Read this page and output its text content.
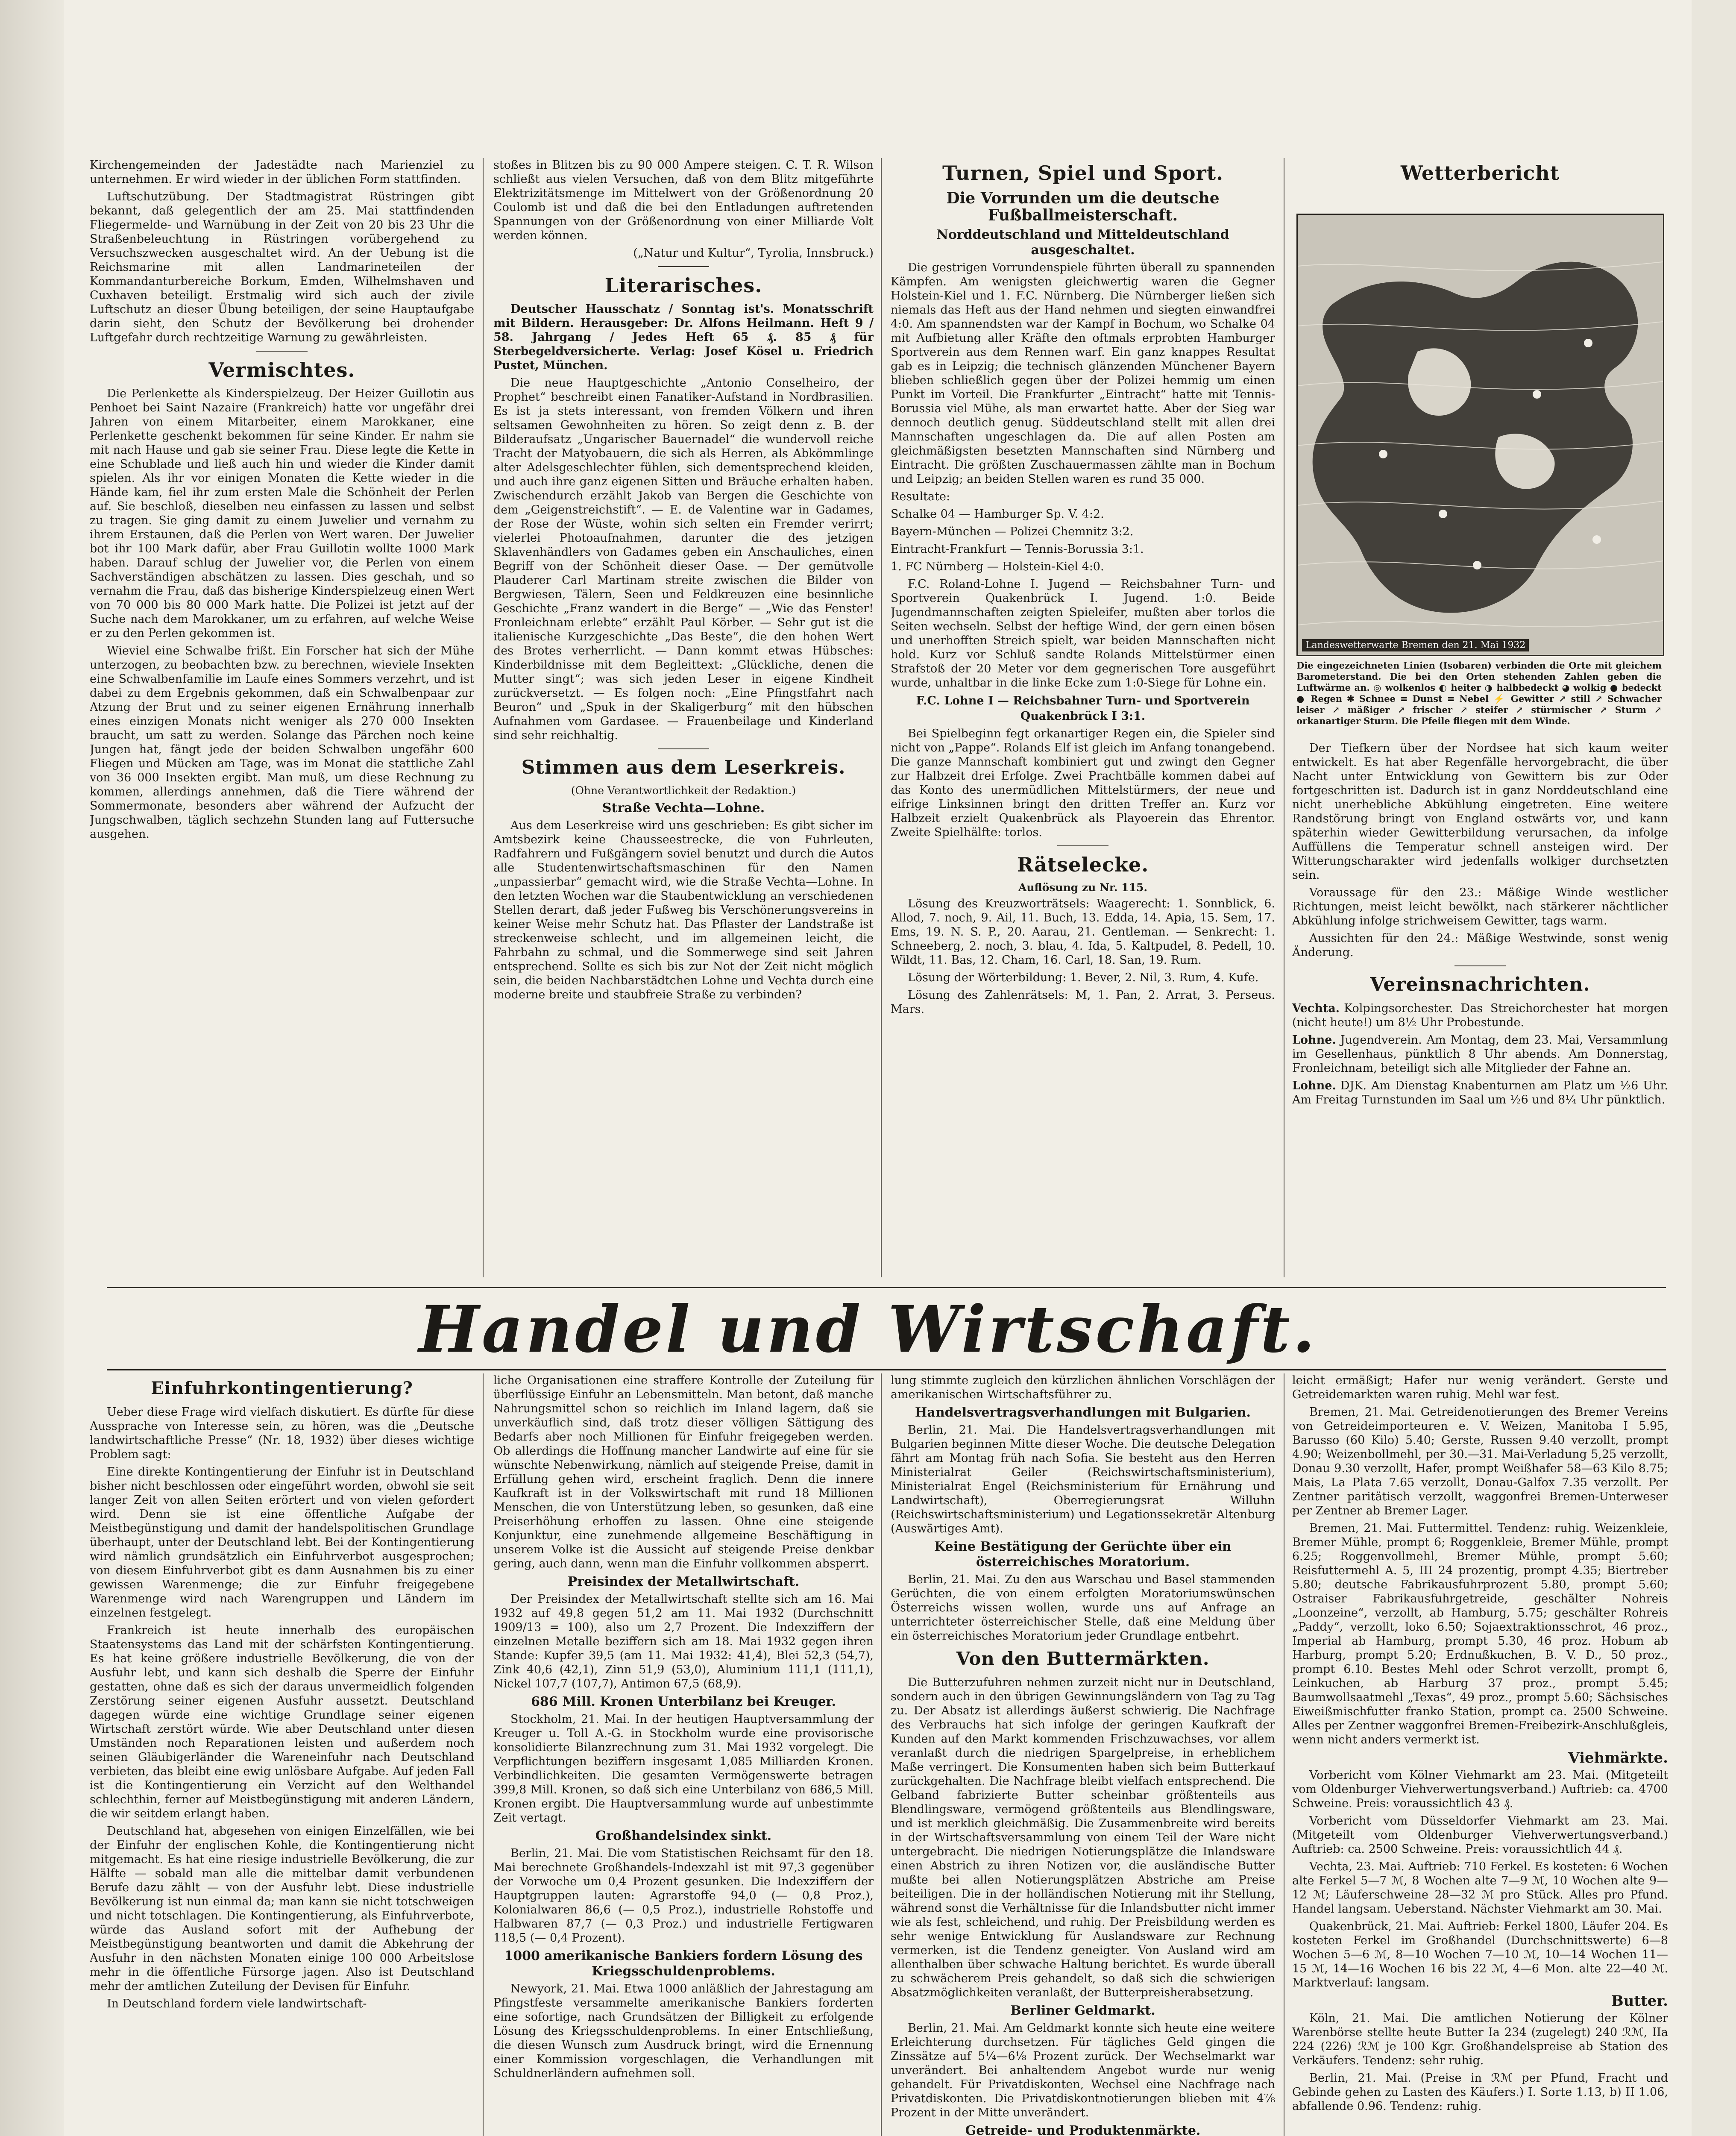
Kirchengemeinden der Jadestädte nach Marienziel zu unternehmen. Er wird wieder in der üblichen Form stattfinden.

Luftschutzübung. Der Stadtmagistrat Rüstringen gibt bekannt, daß gelegentlich der am 25. Mai stattfindenden Fliegermelde- und Warnübung in der Zeit von 20 bis 23 Uhr die Straßenbeleuchtung in Rüstringen vorübergehend zu Versuchszwecken ausgeschaltet wird. An der Uebung ist die Reichsmarine mit allen Landmarineteilen der Kommandanturbereiche Borkum, Emden, Wilhelmshaven und Cuxhaven beteiligt. Erstmalig wird sich auch der zivile Luftschutz an dieser Übung beteiligen, der seine Hauptaufgabe darin sieht, den Schutz der Bevölkerung bei drohender Luftgefahr durch rechtzeitige Warnung zu gewährleisten.

Vermischtes.

Die Perlenkette als Kinderspielzeug. Der Heizer Guillotin aus Penhoet bei Saint Nazaire (Frankreich) hatte vor ungefähr drei Jahren von einem Mitarbeiter, einem Marokkaner, eine Perlenkette geschenkt bekommen für seine Kinder. Er nahm sie mit nach Hause und gab sie seiner Frau. Diese legte die Kette in eine Schublade und ließ auch hin und wieder die Kinder damit spielen. Als ihr vor einigen Monaten die Kette wieder in die Hände kam, fiel ihr zum ersten Male die Schönheit der Perlen auf. Sie beschloß, dieselben neu einfassen zu lassen und selbst zu tragen. Sie ging damit zu einem Juwelier und vernahm zu ihrem Erstaunen, daß die Perlen von Wert waren. Der Juwelier bot ihr 100 Mark dafür, aber Frau Guillotin wollte 1000 Mark haben. Darauf schlug der Juwelier vor, die Perlen von einem Sachverständigen abschätzen zu lassen. Dies geschah, und so vernahm die Frau, daß das bisherige Kinderspielzeug einen Wert von 70 000 bis 80 000 Mark hatte. Die Polizei ist jetzt auf der Suche nach dem Marokkaner, um zu erfahren, auf welche Weise er zu den Perlen gekommen ist.

Wieviel eine Schwalbe frißt. Ein Forscher hat sich der Mühe unterzogen, zu beobachten bzw. zu berechnen, wieviele Insekten eine Schwalbenfamilie im Laufe eines Sommers verzehrt, und ist dabei zu dem Ergebnis gekommen, daß ein Schwalbenpaar zur Atzung der Brut und zu seiner eigenen Ernährung innerhalb eines einzigen Monats nicht weniger als 270 000 Insekten braucht, um satt zu werden. Solange das Pärchen noch keine Jungen hat, fängt jede der beiden Schwalben ungefähr 600 Fliegen und Mücken am Tage, was im Monat die stattliche Zahl von 36 000 Insekten ergibt. Man muß, um diese Rechnung zu kommen, allerdings annehmen, daß die Tiere während der Sommermonate, besonders aber während der Aufzucht der Jungschwalben, täglich sechzehn Stunden lang auf Futtersuche ausgehen.

stoßes in Blitzen bis zu 90 000 Ampere steigen. C. T. R. Wilson schließt aus vielen Versuchen, daß von dem Blitz mitgeführte Elektrizitätsmenge im Mittelwert von der Größenordnung 20 Coulomb ist und daß die bei den Entladungen auftretenden Spannungen von der Größenordnung von einer Milliarde Volt werden können.

(„Natur und Kultur“, Tyrolia, Innsbruck.)

Literarisches.

Deutscher Hausschatz / Sonntag ist's. Monatsschrift mit Bildern. Herausgeber: Dr. Alfons Heilmann. Heft 9 / 58. Jahrgang / Jedes Heft 65 ₰. 85 ₰ für Sterbegeldversicherte. Verlag: Josef Kösel u. Friedrich Pustet, München.

Die neue Hauptgeschichte „Antonio Conselheiro, der Prophet“ beschreibt einen Fanatiker-Aufstand in Nordbrasilien. Es ist ja stets interessant, von fremden Völkern und ihren seltsamen Gewohnheiten zu hören. So zeigt denn z. B. der Bilderaufsatz „Ungarischer Bauernadel“ die wundervoll reiche Tracht der Matyobauern, die sich als Herren, als Abkömmlinge alter Adelsgeschlechter fühlen, sich dementsprechend kleiden, und auch ihre ganz eigenen Sitten und Bräuche erhalten haben. Zwischendurch erzählt Jakob van Bergen die Geschichte von dem „Geigenstreichstift“. — E. de Valentine war in Gadames, der Rose der Wüste, wohin sich selten ein Fremder verirrt; vielerlei Photoaufnahmen, darunter die des jetzigen Sklavenhändlers von Gadames geben ein Anschauliches, einen Begriff von der Schönheit dieser Oase. — Der gemütvolle Plauderer Carl Martinam streite zwischen die Bilder von Bergwiesen, Tälern, Seen und Feldkreuzen eine besinnliche Geschichte „Franz wandert in die Berge“ — „Wie das Fenster! Fronleichnam erlebte“ erzählt Paul Körber. — Sehr gut ist die italienische Kurzgeschichte „Das Beste“, die den hohen Wert des Brotes verherrlicht. — Dann kommt etwas Hübsches: Kinderbildnisse mit dem Begleittext: „Glückliche, denen die Mutter singt“; was sich jeden Leser in eigene Kindheit zurückversetzt. — Es folgen noch: „Eine Pfingstfahrt nach Beuron“ und „Spuk in der Skaligerburg“ mit den hübschen Aufnahmen vom Gardasee. — Frauenbeilage und Kinderland sind sehr reichhaltig.

Stimmen aus dem Leserkreis.
(Ohne Verantwortlichkeit der Redaktion.)
Straße Vechta—Lohne.

Aus dem Leserkreise wird uns geschrieben: Es gibt sicher im Amtsbezirk keine Chausseestrecke, die von Fuhrleuten, Radfahrern und Fußgängern soviel benutzt und durch die Autos alle Studentenwirtschaftsmaschinen für den Namen „unpassierbar“ gemacht wird, wie die Straße Vechta—Lohne. In den letzten Wochen war die Staubentwicklung an verschiedenen Stellen derart, daß jeder Fußweg bis Verschönerungsvereins in keiner Weise mehr Schutz hat. Das Pflaster der Landstraße ist streckenweise schlecht, und im allgemeinen leicht, die Fahrbahn zu schmal, und die Sommerwege sind seit Jahren entsprechend. Sollte es sich bis zur Not der Zeit nicht möglich sein, die beiden Nachbarstädtchen Lohne und Vechta durch eine moderne breite und staubfreie Straße zu verbinden?

Turnen, Spiel und Sport.
Die Vorrunden um die deutsche Fußballmeisterschaft.
Norddeutschland und Mitteldeutschland ausgeschaltet.

Die gestrigen Vorrundenspiele führten überall zu spannenden Kämpfen. Am wenigsten gleichwertig waren die Gegner Holstein-Kiel und 1. F.C. Nürnberg. Die Nürnberger ließen sich niemals das Heft aus der Hand nehmen und siegten einwandfrei 4:0. Am spannendsten war der Kampf in Bochum, wo Schalke 04 mit Aufbietung aller Kräfte den oftmals erprobten Hamburger Sportverein aus dem Rennen warf. Ein ganz knappes Resultat gab es in Leipzig; die technisch glänzenden Münchener Bayern blieben schließlich gegen über der Polizei hemmig um einen Punkt im Vorteil. Die Frankfurter „Eintracht“ hatte mit Tennis-Borussia viel Mühe, als man erwartet hatte. Aber der Sieg war dennoch deutlich genug. Süddeutschland stellt mit allen drei Mannschaften ungeschlagen da. Die auf allen Posten am gleichmäßigsten besetzten Mannschaften sind Nürnberg und Eintracht. Die größten Zuschauermassen zählte man in Bochum und Leipzig; an beiden Stellen waren es rund 35 000.

Resultate:

Schalke 04 — Hamburger Sp. V. 4:2.

Bayern-München — Polizei Chemnitz 3:2.

Eintracht-Frankfurt — Tennis-Borussia 3:1.

1. FC Nürnberg — Holstein-Kiel 4:0.

F.C. Roland-Lohne I. Jugend — Reichsbahner Turn- und Sportverein Quakenbrück I. Jugend. 1:0. Beide Jugendmannschaften zeigten Spieleifer, mußten aber torlos die Seiten wechseln. Selbst der heftige Wind, der gern einen bösen und unerhofften Streich spielt, war beiden Mannschaften nicht hold. Kurz vor Schluß sandte Rolands Mittelstürmer einen Strafstoß der 20 Meter vor dem gegnerischen Tore ausgeführt wurde, unhaltbar in die linke Ecke zum 1:0-Siege für Lohne ein.

F.C. Lohne I — Reichsbahner Turn- und Sportverein Quakenbrück I 3:1.

Bei Spielbeginn fegt orkanartiger Regen ein, die Spieler sind nicht von „Pappe“. Rolands Elf ist gleich im Anfang tonangebend. Die ganze Mannschaft kombiniert gut und zwingt den Gegner zur Halbzeit drei Erfolge. Zwei Prachtbälle kommen dabei auf das Konto des unermüdlichen Mittelstürmers, der neue und eifrige Linksinnen bringt den dritten Treffer an. Kurz vor Halbzeit erzielt Quakenbrück als Playoerein das Ehrentor. Zweite Spielhälfte: torlos.

Rätselecke.
Auflösung zu Nr. 115.

Lösung des Kreuzworträtsels: Waagerecht: 1. Sonnblick, 6. Allod, 7. noch, 9. Ail, 11. Buch, 13. Edda, 14. Apia, 15. Sem, 17. Ems, 19. N. S. P., 20. Aarau, 21. Gentleman. — Senkrecht: 1. Schneeberg, 2. noch, 3. blau, 4. Ida, 5. Kaltpudel, 8. Pedell, 10. Wildt, 11. Bas, 12. Cham, 16. Carl, 18. San, 19. Rum.

Lösung der Wörterbildung: 1. Bever, 2. Nil, 3. Rum, 4. Kufe.

Lösung des Zahlenrätsels: M, 1. Pan, 2. Arrat, 3. Perseus. Mars.

Wetterbericht
Landeswetterwarte Bremen den 21. Mai 1932
Die eingezeichneten Linien (Isobaren) verbinden die Orte mit gleichem Barometerstand. Die bei den Orten stehenden Zahlen geben die Luftwärme an. ◎ wolkenlos ◐ heiter ◑ halbbedeckt ◕ wolkig ● bedeckt ● Regen ✱ Schnee ≡ Dunst ≡ Nebel ⚡ Gewitter ↗ still ↗ Schwacher leiser ↗ mäßiger ↗ frischer ↗ steifer ↗ stürmischer ↗ Sturm ↗ orkanartiger Sturm. Die Pfeile fliegen mit dem Winde.

Der Tiefkern über der Nordsee hat sich kaum weiter entwickelt. Es hat aber Regenfälle hervorgebracht, die über Nacht unter Entwicklung von Gewittern bis zur Oder fortgeschritten ist. Dadurch ist in ganz Norddeutschland eine nicht unerhebliche Abkühlung eingetreten. Eine weitere Randstörung bringt von England ostwärts vor, und kann späterhin wieder Gewitterbildung verursachen, da infolge Auffüllens die Temperatur schnell ansteigen wird. Der Witterungscharakter wird jedenfalls wolkiger durchsetzten sein.

Voraussage für den 23.: Mäßige Winde westlicher Richtungen, meist leicht bewölkt, nach stärkerer nächtlicher Abkühlung infolge strichweisem Gewitter, tags warm.

Aussichten für den 24.: Mäßige Westwinde, sonst wenig Änderung.

Vereinsnachrichten.

Vechta. Kolpingsorchester. Das Streichorchester hat morgen (nicht heute!) um 8½ Uhr Probestunde.

Lohne. Jugendverein. Am Montag, dem 23. Mai, Versammlung im Gesellenhaus, pünktlich 8 Uhr abends. Am Donnerstag, Fronleichnam, beteiligt sich alle Mitglieder der Fahne an.

Lohne. DJK. Am Dienstag Knabenturnen am Platz um ½6 Uhr. Am Freitag Turnstunden im Saal um ½6 und 8¼ Uhr pünktlich.

Handel und Wirtschaft.
Einfuhrkontingentierung?

Ueber diese Frage wird vielfach diskutiert. Es dürfte für diese Aussprache von Interesse sein, zu hören, was die „Deutsche landwirtschaftliche Presse“ (Nr. 18, 1932) über dieses wichtige Problem sagt:

Eine direkte Kontingentierung der Einfuhr ist in Deutschland bisher nicht beschlossen oder eingeführt worden, obwohl sie seit langer Zeit von allen Seiten erörtert und von vielen gefordert wird. Denn sie ist eine öffentliche Aufgabe der Meistbegünstigung und damit der handelspolitischen Grundlage überhaupt, unter der Deutschland lebt. Bei der Kontingentierung wird nämlich grundsätzlich ein Einfuhrverbot ausgesprochen; von diesem Einfuhrverbot gibt es dann Ausnahmen bis zu einer gewissen Warenmenge; die zur Einfuhr freigegebene Warenmenge wird nach Warengruppen und Ländern im einzelnen festgelegt.

Frankreich ist heute innerhalb des europäischen Staatensystems das Land mit der schärfsten Kontingentierung. Es hat keine größere industrielle Bevölkerung, die von der Ausfuhr lebt, und kann sich deshalb die Sperre der Einfuhr gestatten, ohne daß es sich der daraus unvermeidlich folgenden Zerstörung seiner eigenen Ausfuhr aussetzt. Deutschland dagegen würde eine wichtige Grundlage seiner eigenen Wirtschaft zerstört würde. Wie aber Deutschland unter diesen Umständen noch Reparationen leisten und außerdem noch seinen Gläubigerländer die Wareneinfuhr nach Deutschland verbieten, das bleibt eine ewig unlösbare Aufgabe. Auf jeden Fall ist die Kontingentierung ein Verzicht auf den Welthandel schlechthin, ferner auf Meistbegünstigung mit anderen Ländern, die wir seitdem erlangt haben.

Deutschland hat, abgesehen von einigen Einzelfällen, wie bei der Einfuhr der englischen Kohle, die Kontingentierung nicht mitgemacht. Es hat eine riesige industrielle Bevölkerung, die zur Hälfte — sobald man alle die mittelbar damit verbundenen Berufe dazu zählt — von der Ausfuhr lebt. Diese industrielle Bevölkerung ist nun einmal da; man kann sie nicht totschweigen und nicht totschlagen. Die Kontingentierung, als Einfuhrverbote, würde das Ausland sofort mit der Aufhebung der Meistbegünstigung beantworten und damit die Abkehrung der Ausfuhr in den nächsten Monaten einige 100 000 Arbeitslose mehr in die öffentliche Fürsorge jagen. Also ist Deutschland mehr der amtlichen Zuteilung der Devisen für Einfuhr.

In Deutschland fordern viele landwirtschaft-

liche Organisationen eine straffere Kontrolle der Zuteilung für überflüssige Einfuhr an Lebensmitteln. Man betont, daß manche Nahrungsmittel schon so reichlich im Inland lagern, daß sie unverkäuflich sind, daß trotz dieser völligen Sättigung des Bedarfs aber noch Millionen für Einfuhr freigegeben werden. Ob allerdings die Hoffnung mancher Landwirte auf eine für sie wünschte Nebenwirkung, nämlich auf steigende Preise, damit in Erfüllung gehen wird, erscheint fraglich. Denn die innere Kaufkraft ist in der Volkswirtschaft mit rund 18 Millionen Menschen, die von Unterstützung leben, so gesunken, daß eine Preiserhöhung erhoffen zu lassen. Ohne eine steigende Konjunktur, eine zunehmende allgemeine Beschäftigung in unserem Volke ist die Aussicht auf steigende Preise denkbar gering, auch dann, wenn man die Einfuhr vollkommen absperrt.

Preisindex der Metallwirtschaft.

Der Preisindex der Metallwirtschaft stellte sich am 16. Mai 1932 auf 49,8 gegen 51,2 am 11. Mai 1932 (Durchschnitt 1909/13 = 100), also um 2,7 Prozent. Die Indexziffern der einzelnen Metalle beziffern sich am 18. Mai 1932 gegen ihren Stande: Kupfer 39,5 (am 11. Mai 1932: 41,4), Blei 52,3 (54,7), Zink 40,6 (42,1), Zinn 51,9 (53,0), Aluminium 111,1 (111,1), Nickel 107,7 (107,7), Antimon 67,5 (68,9).

686 Mill. Kronen Unterbilanz bei Kreuger.

Stockholm, 21. Mai. In der heutigen Hauptversammlung der Kreuger u. Toll A.-G. in Stockholm wurde eine provisorische konsolidierte Bilanzrechnung zum 31. Mai 1932 vorgelegt. Die Verpflichtungen beziffern insgesamt 1,085 Milliarden Kronen. Verbindlichkeiten. Die gesamten Vermögenswerte betragen 399,8 Mill. Kronen, so daß sich eine Unterbilanz von 686,5 Mill. Kronen ergibt. Die Hauptversammlung wurde auf unbestimmte Zeit vertagt.

Großhandelsindex sinkt.

Berlin, 21. Mai. Die vom Statistischen Reichsamt für den 18. Mai berechnete Großhandels-Indexzahl ist mit 97,3 gegenüber der Vorwoche um 0,4 Prozent gesunken. Die Indexziffern der Hauptgruppen lauten: Agrarstoffe 94,0 (— 0,8 Proz.), Kolonialwaren 86,6 (— 0,5 Proz.), industrielle Rohstoffe und Halbwaren 87,7 (— 0,3 Proz.) und industrielle Fertigwaren 118,5 (— 0,4 Prozent).

1000 amerikanische Bankiers fordern Lösung des Kriegsschuldenproblems.

Newyork, 21. Mai. Etwa 1000 anläßlich der Jahrestagung am Pfingstfeste versammelte amerikanische Bankiers forderten eine sofortige, nach Grundsätzen der Billigkeit zu erfolgende Lösung des Kriegsschuldenproblems. In einer Entschließung, die diesen Wunsch zum Ausdruck bringt, wird die Ernennung einer Kommission vorgeschlagen, die Verhandlungen mit Schuldnerländern aufnehmen soll.

lung stimmte zugleich den kürzlichen ähnlichen Vorschlägen der amerikanischen Wirtschaftsführer zu.

Handelsvertragsverhandlungen mit Bulgarien.

Berlin, 21. Mai. Die Handelsvertragsverhandlungen mit Bulgarien beginnen Mitte dieser Woche. Die deutsche Delegation fährt am Montag früh nach Sofia. Sie besteht aus den Herren Ministerialrat Geiler (Reichswirtschaftsministerium), Ministerialrat Engel (Reichsministerium für Ernährung und Landwirtschaft), Oberregierungsrat Willuhn (Reichswirtschaftsministerium) und Legationssekretär Altenburg (Auswärtiges Amt).

Keine Bestätigung der Gerüchte über ein österreichisches Moratorium.

Berlin, 21. Mai. Zu den aus Warschau und Basel stammenden Gerüchten, die von einem erfolgten Moratoriumswünschen Österreichs wissen wollen, wurde uns auf Anfrage an unterrichteter österreichischer Stelle, daß eine Meldung über ein österreichisches Moratorium jeder Grundlage entbehrt.

Von den Buttermärkten.

Die Butterzufuhren nehmen zurzeit nicht nur in Deutschland, sondern auch in den übrigen Gewinnungsländern von Tag zu Tag zu. Der Absatz ist allerdings äußerst schwierig. Die Nachfrage des Verbrauchs hat sich infolge der geringen Kaufkraft der Kunden auf den Markt kommenden Frischzuwachses, vor allem veranlaßt durch die niedrigen Spargelpreise, in erheblichem Maße verringert. Die Konsumenten haben sich beim Butterkauf zurückgehalten. Die Nachfrage bleibt vielfach entsprechend. Die Gelband fabrizierte Butter scheinbar größtenteils aus Blendlingsware, vermögend größtenteils aus Blendlingsware, und ist merklich gleichmäßig. Die Zusammenbreite wird bereits in der Wirtschaftsversammlung von einem Teil der Ware nicht untergebracht. Die niedrigen Notierungsplätze die Inlandsware einen Abstrich zu ihren Notizen vor, die ausländische Butter mußte bei allen Notierungsplätzen Abstriche am Preise beiteiligen. Die in der holländischen Notierung mit ihr Stellung, während sonst die Verhältnisse für die Inlandsbutter nicht immer wie als fest, schleichend, und ruhig. Der Preisbildung werden es sehr wenige Entwicklung für Auslandsware zur Rechnung vermerken, ist die Tendenz geneigter. Von Ausland wird am allenthalben über schwache Haltung berichtet. Es wurde überall zu schwächerem Preis gehandelt, so daß sich die schwierigen Absatzmöglichkeiten veranlaßt, der Butterpreisherabsetzung.

Berliner Geldmarkt.

Berlin, 21. Mai. Am Geldmarkt konnte sich heute eine weitere Erleichterung durchsetzen. Für tägliches Geld gingen die Zinssätze auf 5¼—6⅛ Prozent zurück. Der Wechselmarkt war unverändert. Bei anhaltendem Angebot wurde nur wenig gehandelt. Für Privatdiskonten, Wechsel eine Nachfrage nach Privatdiskonten. Die Privatdiskontnotierungen blieben mit 4⅞ Prozent in der Mitte unverändert.

Getreide- und Produktenmärkte.

leicht ermäßigt; Hafer nur wenig verändert. Gerste und Getreidemarkten waren ruhig. Mehl war fest.

Bremen, 21. Mai. Getreidenotierungen des Bremer Vereins von Getreideimporteuren e. V. Weizen, Manitoba I 5.95, Barusso (60 Kilo) 5.40; Gerste, Russen 9.40 verzollt, prompt 4.90; Weizenbollmehl, per 30.—31. Mai-Verladung 5,25 verzollt, Donau 9.30 verzollt, Hafer, prompt Weißhafer 58—63 Kilo 8.75; Mais, La Plata 7.65 verzollt, Donau-Galfox 7.35 verzollt. Per Zentner paritätisch verzollt, waggonfrei Bremen-Unterweser per Zentner ab Bremer Lager.

Bremen, 21. Mai. Futtermittel. Tendenz: ruhig. Weizenkleie, Bremer Mühle, prompt 6; Roggenkleie, Bremer Mühle, prompt 6.25; Roggenvollmehl, Bremer Mühle, prompt 5.60; Reisfuttermehl A. 5, III 24 prozentig, prompt 4.35; Biertreber 5.80; deutsche Fabrikausfuhrprozent 5.80, prompt 5.60; Ostraiser Fabrikausfuhrgetreide, geschälter Nohreis „Loonzeine“, verzollt, ab Hamburg, 5.75; geschälter Rohreis „Paddy“, verzollt, loko 6.50; Sojaextraktionsschrot, 46 proz., Imperial ab Hamburg, prompt 5.30, 46 proz. Hobum ab Harburg, prompt 5.20; Erdnußkuchen, B. V. D., 50 proz., prompt 6.10. Bestes Mehl oder Schrot verzollt, prompt 6, Leinkuchen, ab Harburg 37 proz., prompt 5.45; Baumwollsaatmehl „Texas“, 49 proz., prompt 5.60; Sächsisches Eiweißmischfutter franko Station, prompt ca. 2500 Schweine. Alles per Zentner waggonfrei Bremen-Freibezirk-Anschlußgleis, wenn nicht anders vermerkt ist.

Viehmärkte.

Vorbericht vom Kölner Viehmarkt am 23. Mai. (Mitgeteilt vom Oldenburger Viehverwertungsverband.) Auftrieb: ca. 4700 Schweine. Preis: voraussichtlich 43 ₰.

Vorbericht vom Düsseldorfer Viehmarkt am 23. Mai. (Mitgeteilt vom Oldenburger Viehverwertungsverband.) Auftrieb: ca. 2500 Schweine. Preis: voraussichtlich 44 ₰.

Vechta, 23. Mai. Auftrieb: 710 Ferkel. Es kosteten: 6 Wochen alte Ferkel 5—7 ℳ, 8 Wochen alte 7—9 ℳ, 10 Wochen alte 9—12 ℳ; Läuferschweine 28—32 ℳ pro Stück. Alles pro Pfund. Handel langsam. Ueberstand. Nächster Viehmarkt am 30. Mai.

Quakenbrück, 21. Mai. Auftrieb: Ferkel 1800, Läufer 204. Es kosteten Ferkel im Großhandel (Durchschnittswerte) 6—8 Wochen 5—6 ℳ, 8—10 Wochen 7—10 ℳ, 10—14 Wochen 11—15 ℳ, 14—16 Wochen 16 bis 22 ℳ, 4—6 Mon. alte 22—40 ℳ. Marktverlauf: langsam.

Butter.

Köln, 21. Mai. Die amtlichen Notierung der Kölner Warenbörse stellte heute Butter Ia 234 (zugelegt) 240 ℛℳ, IIa 224 (226) ℛℳ je 100 Kgr. Großhandelspreise ab Station des Verkäufers. Tendenz: sehr ruhig.

Berlin, 21. Mai. (Preise in ℛℳ per Pfund, Fracht und Gebinde gehen zu Lasten des Käufers.) I. Sorte 1.13, b) II 1.06, abfallende 0.96. Tendenz: ruhig.
